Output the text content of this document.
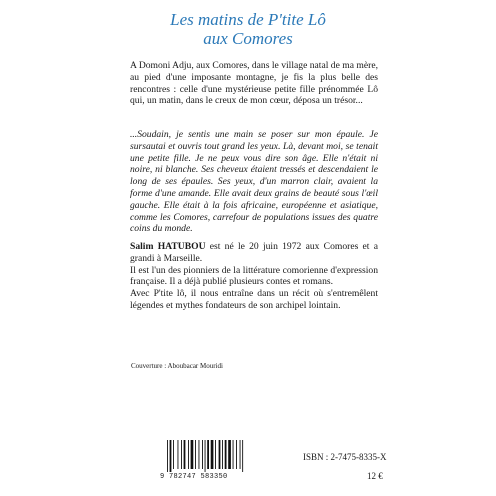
Les matins de P'tite Lô
aux Comores
A Domoni Adju, aux Comores, dans le village natal de ma mère, au pied d'une imposante montagne, je fis la plus belle des rencontres : celle d'une mystérieuse petite fille prénommée Lô qui, un matin, dans le creux de mon cœur, déposa un trésor...
...Soudain, je sentis une main se poser sur mon épaule. Je sursautai et ouvris tout grand les yeux. Là, devant moi, se tenait une petite fille. Je ne peux vous dire son âge. Elle n'était ni noire, ni blanche. Ses cheveux étaient tressés et descendaient le long de ses épaules. Ses yeux, d'un marron clair, avaient la forme d'une amande. Elle avait deux grains de beauté sous l'œil gauche. Elle était à la fois africaine, européenne et asiatique, comme les Comores, carrefour de populations issues des quatre coins du monde.

Salim HATUBOU est né le 20 juin 1972 aux Comores et a grandi à Marseille.

Il est l'un des pionniers de la littérature comorienne d'expression française. Il a déjà publié plusieurs contes et romans.

Avec P'tite lô, il nous entraîne dans un récit où s'entremêlent légendes et mythes fondateurs de son archipel lointain.

Couverture : Aboubacar Mouridi
9 782747 583350
ISBN : 2-7475-8335-X
12 €
